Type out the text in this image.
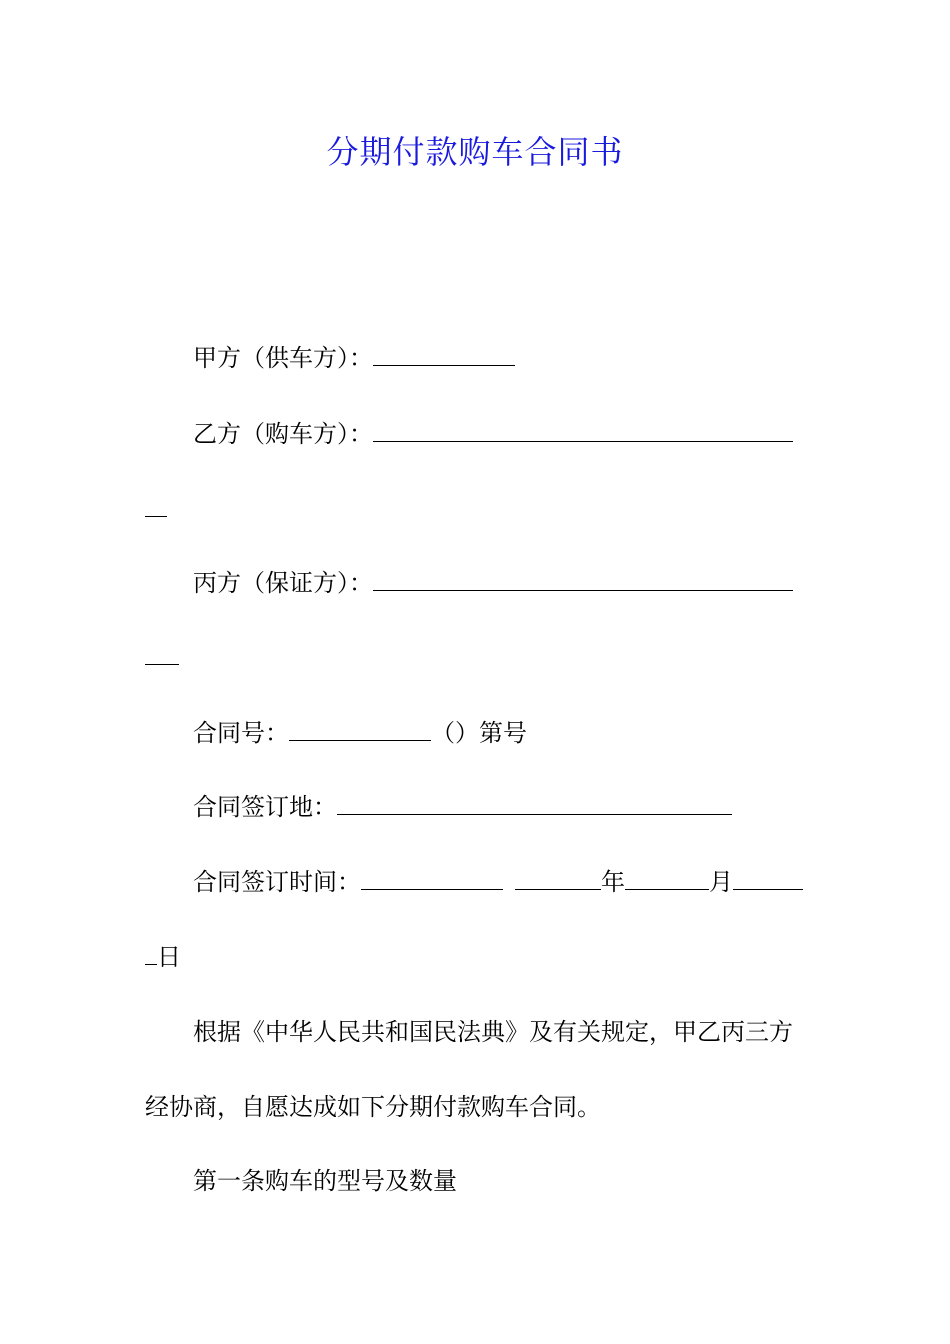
分期付款购车合同书
甲方（供车方）：
乙方（购车方）：
丙方（保证方）：
合同号：	（）第号
合同签订地：
合同签订时间：	年	月
日
根据《中华人民共和国民法典》及有关规定，甲乙丙三方
经协商，自愿达成如下分期付款购车合同。
第一条购车的型号及数量
